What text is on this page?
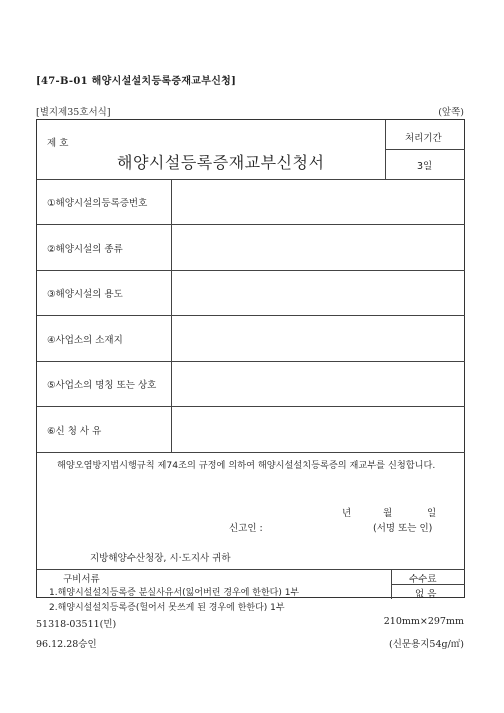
[47-B-01 해양시설설치등록증재교부신청]
[별지제35호서식]	(앞쪽)
제 호
해양시설등록증재교부신청서
처리기간
3일
①해양시설의등록증번호
②해양시설의 종류
③해양시설의 용도
④사업소의 소재지
⑤사업소의 명칭 또는 상호
⑥신 청 사 유
해양오염방지법시행규칙 제74조의 규정에 의하여 해양시설설치등록증의 재교부를 신청합니다.
년	월	일
신고인 :	(서명 또는 인)
지방해양수산청장, 시·도지사 귀하
구비서류
1.해양시설설치등록증 분실사유서(잃어버린 경우에 한한다) 1부
2.해양시설설치등록증(헐어서 못쓰게 된 경우에 한한다) 1부
수수료
없 음
51318-03511(민)
96.12.28승인
210mm×297mm
(신문용지54g/㎡)
